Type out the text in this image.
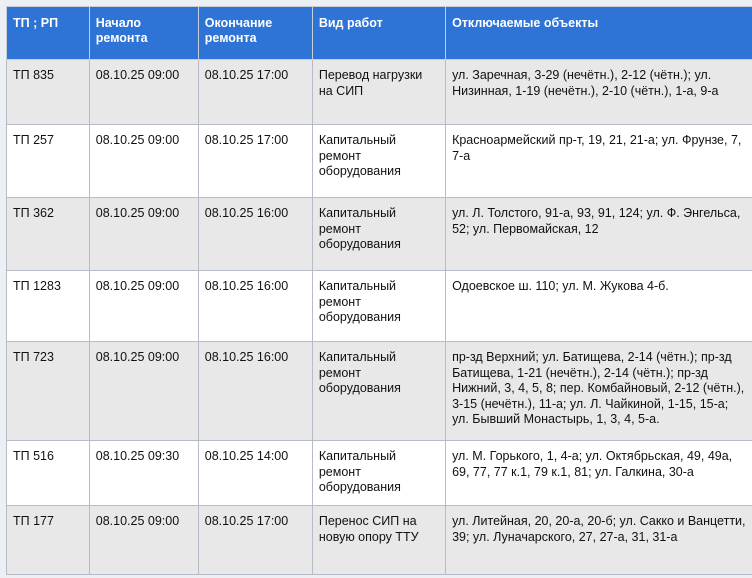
ТП ; РП	Начало ремонта	Окончание ремонта	Вид работ	Отключаемые объекты
ТП 835	08.10.25 09:00	08.10.25 17:00	Перевод нагрузки на СИП	ул. Заречная, 3-29 (нечётн.), 2-12 (чётн.); ул. Низинная, 1-19 (нечётн.), 2-10 (чётн.), 1-а, 9-а
ТП 257	08.10.25 09:00	08.10.25 17:00	Капитальный ремонт оборудования	Красноармейский пр-т, 19, 21, 21-а; ул. Фрунзе, 7, 7-а
ТП 362	08.10.25 09:00	08.10.25 16:00	Капитальный ремонт оборудования	ул. Л. Толстого, 91-а, 93, 91, 124; ул. Ф. Энгельса, 52; ул. Первомайская, 12
ТП 1283	08.10.25 09:00	08.10.25 16:00	Капитальный ремонт оборудования	Одоевское ш. 110; ул. М. Жукова 4-б.
ТП 723	08.10.25 09:00	08.10.25 16:00	Капитальный ремонт оборудования	пр-зд Верхний; ул. Батищева, 2-14 (чётн.); пр-зд Батищева, 1-21 (нечётн.), 2-14 (чётн.); пр-зд Нижний, 3, 4, 5, 8; пер. Комбайновый, 2-12 (чётн.), 3-15 (нечётн.), 11-а; ул. Л. Чайкиной, 1-15, 15-а; ул. Бывший Монастырь, 1, 3, 4, 5-а.
ТП 516	08.10.25 09:30	08.10.25 14:00	Капитальный ремонт оборудования	ул. М. Горького, 1, 4-а; ул. Октябрьская, 49, 49а, 69, 77, 77 к.1, 79 к.1, 81; ул. Галкина, 30-а
ТП 177	08.10.25 09:00	08.10.25 17:00	Перенос СИП на новую опору ТТУ	ул. Литейная, 20, 20-а, 20-б; ул. Сакко и Ванцетти, 39; ул. Луначарского, 27, 27-а, 31, 31-а
